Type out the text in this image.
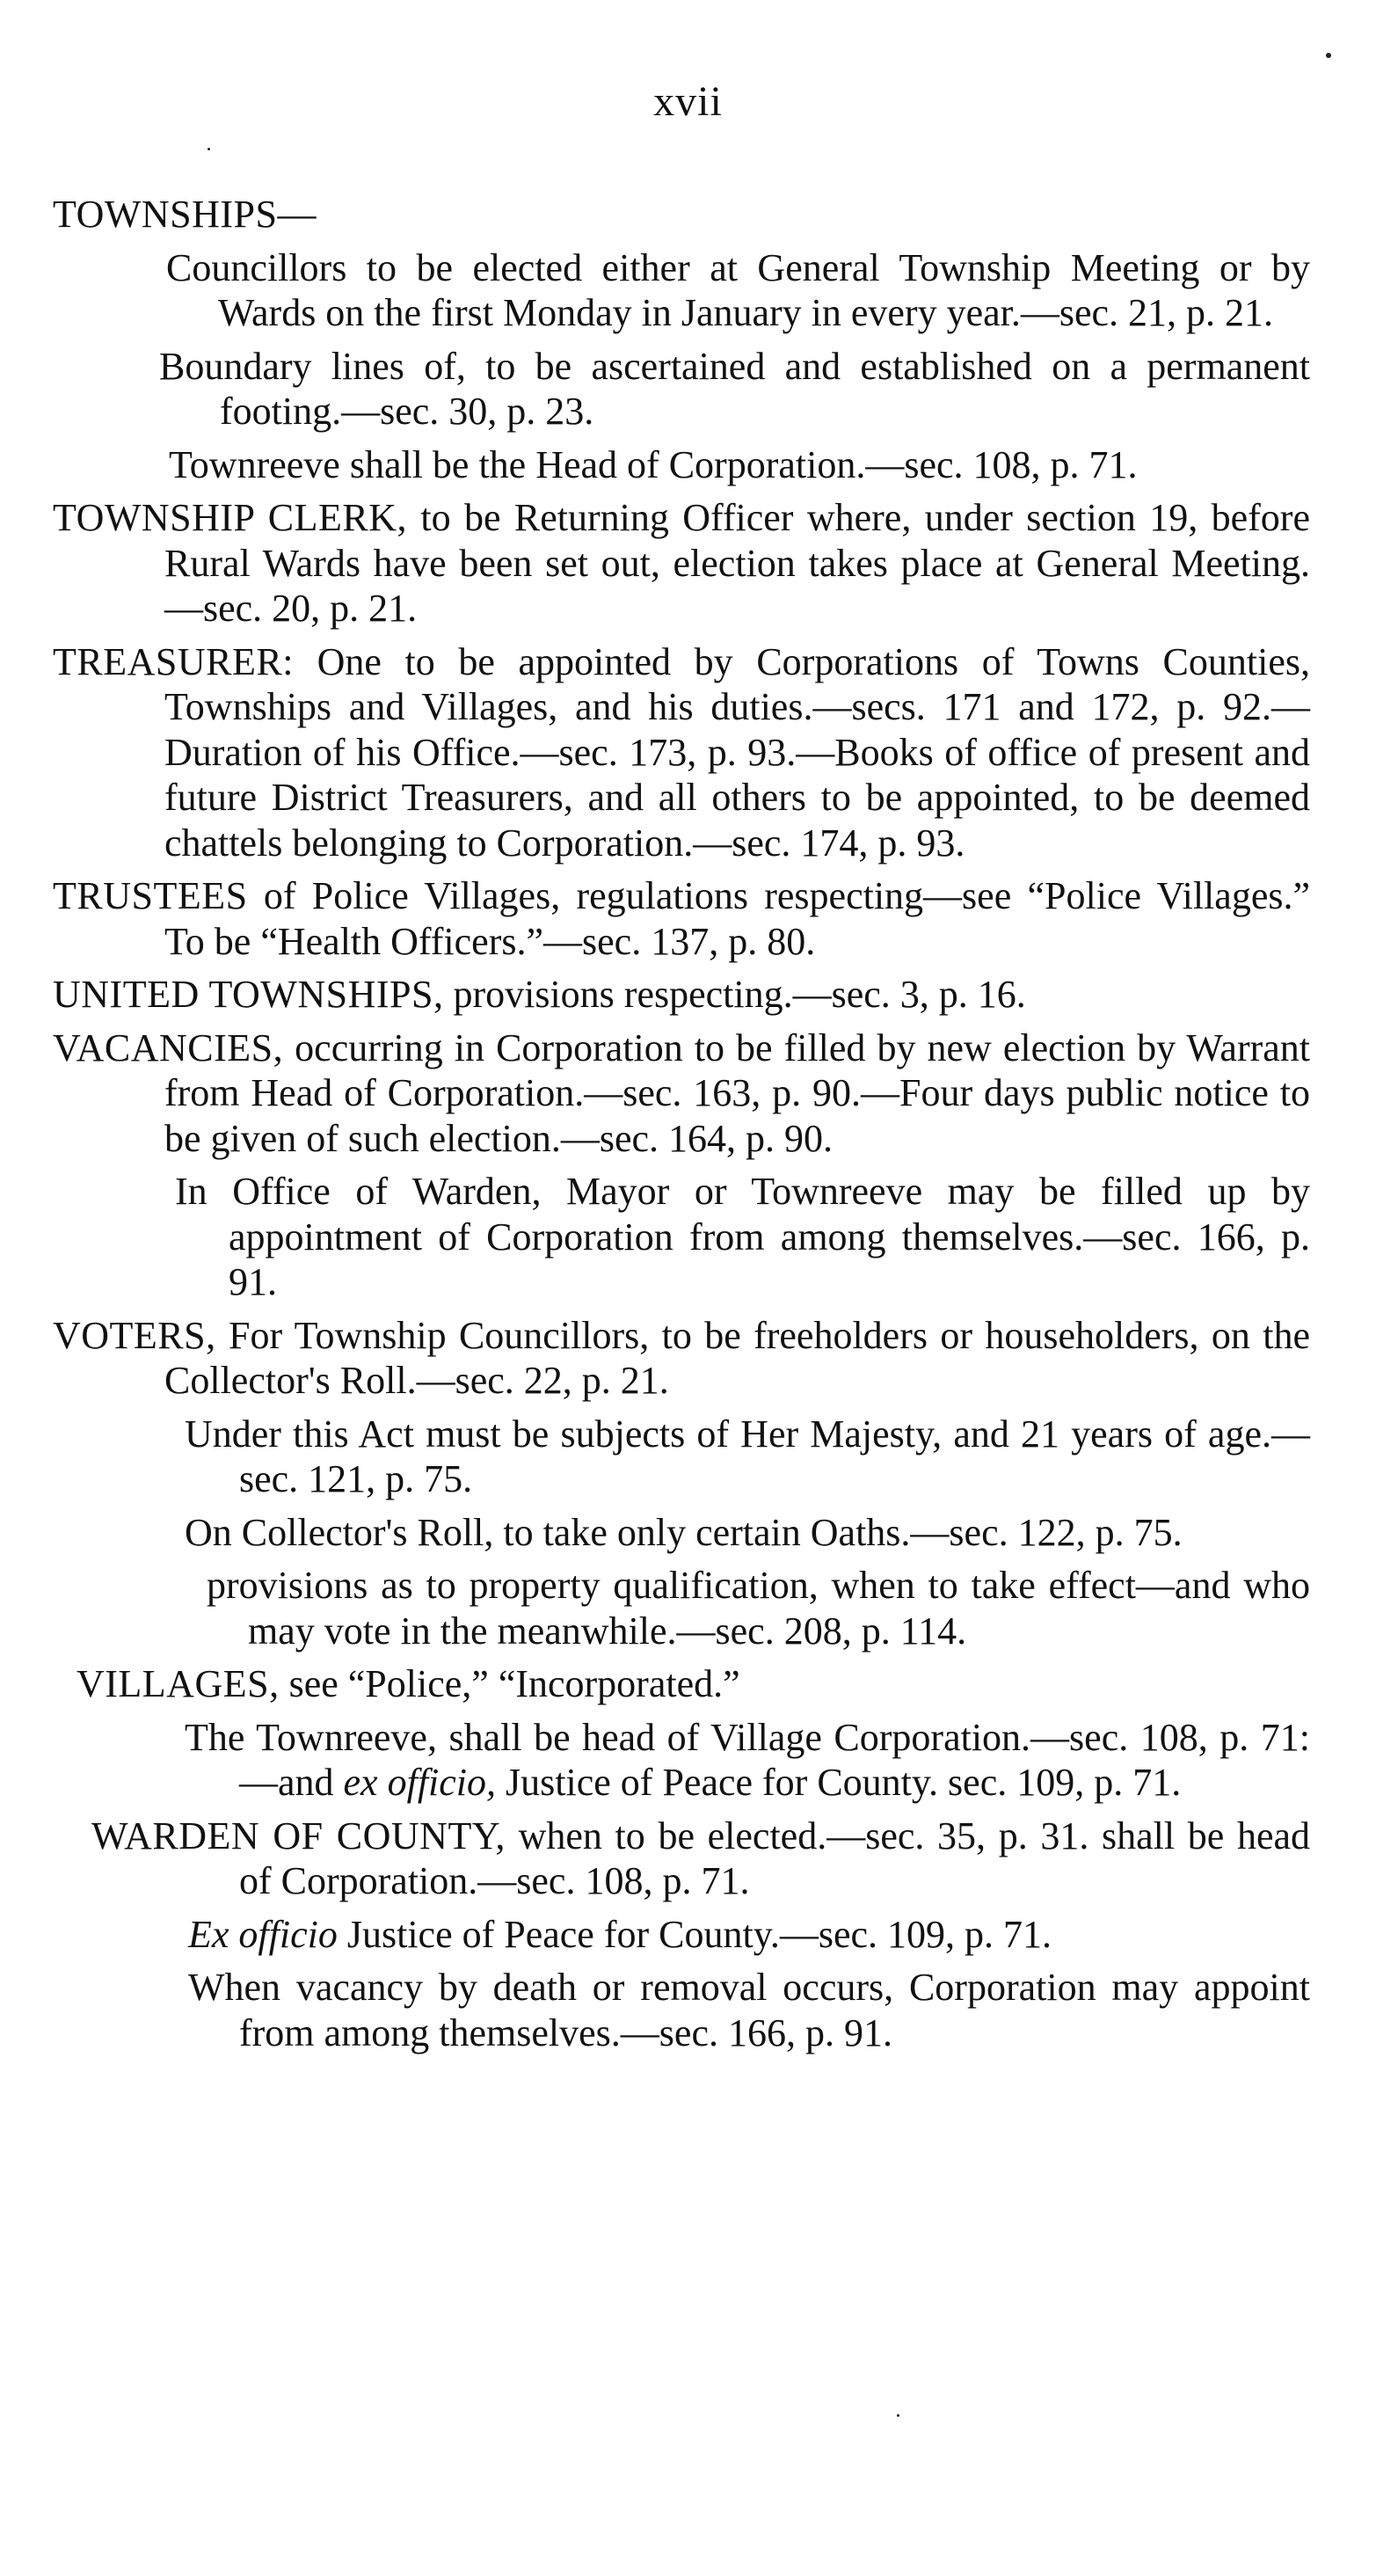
xvii

TOWNSHIPS—

Councillors to be elected either at General Township Meeting or by Wards on the first Monday in January in every year.—sec. 21, p. 21.

Boundary lines of, to be ascertained and established on a permanent footing.—sec. 30, p. 23.

Townreeve shall be the Head of Corporation.—sec. 108, p. 71.

TOWNSHIP CLERK, to be Returning Officer where, under section 19, before Rural Wards have been set out, election takes place at General Meeting.—sec. 20, p. 21.

TREASURER: One to be appointed by Corporations of Towns Counties, Townships and Villages, and his duties.—secs. 171 and 172, p. 92.—Duration of his Office.—sec. 173, p. 93.—Books of office of present and future District Treasurers, and all others to be appointed, to be deemed chattels belonging to Corporation.—sec. 174, p. 93.

TRUSTEES of Police Villages, regulations respecting—see “Police Villages.” To be “Health Officers.”—sec. 137, p. 80.

UNITED TOWNSHIPS, provisions respecting.—sec. 3, p. 16.

VACANCIES, occurring in Corporation to be filled by new election by Warrant from Head of Corporation.—sec. 163, p. 90.—Four days public notice to be given of such election.—sec. 164, p. 90.

In Office of Warden, Mayor or Townreeve may be filled up by appointment of Corporation from among themselves.—sec. 166, p. 91.

VOTERS, For Township Councillors, to be freeholders or householders, on the Collector's Roll.—sec. 22, p. 21.

Under this Act must be subjects of Her Majesty, and 21 years of age.—sec. 121, p. 75.

On Collector's Roll, to take only certain Oaths.—sec. 122, p. 75.

provisions as to property qualification, when to take effect—and who may vote in the meanwhile.—sec. 208, p. 114.

VILLAGES, see “Police,” “Incorporated.”

The Townreeve, shall be head of Village Corporation.—sec. 108, p. 71:—and ex officio, Justice of Peace for County. sec. 109, p. 71.

WARDEN OF COUNTY, when to be elected.—sec. 35, p. 31. shall be head of Corporation.—sec. 108, p. 71.

Ex officio Justice of Peace for County.—sec. 109, p. 71.

When vacancy by death or removal occurs, Corporation may appoint from among themselves.—sec. 166, p. 91.
